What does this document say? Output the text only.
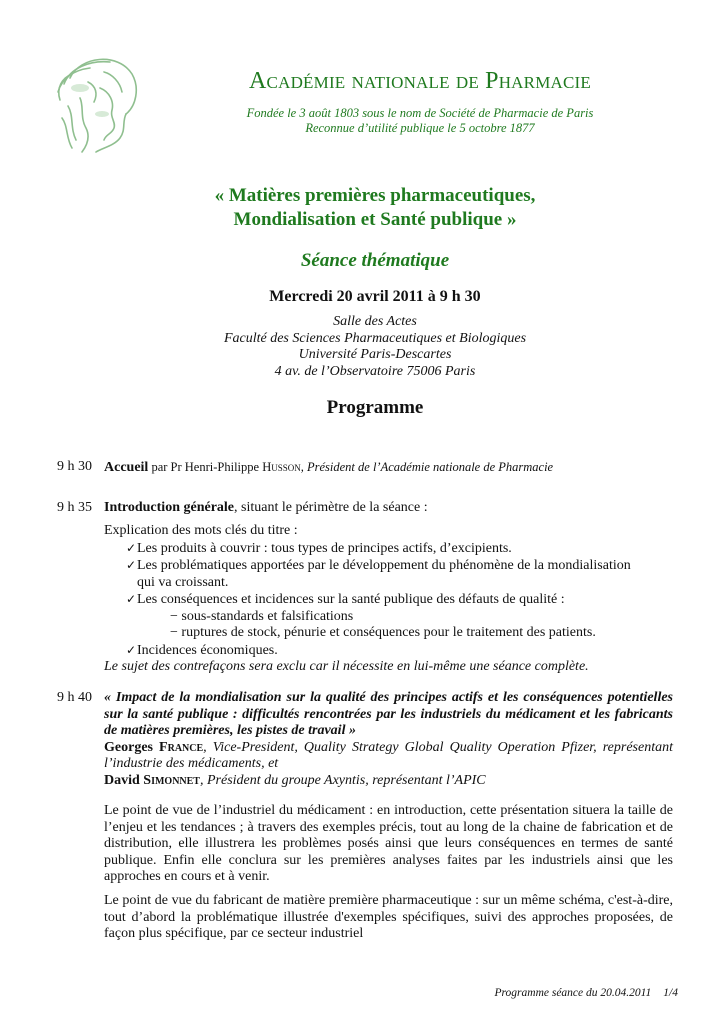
Académie nationale de Pharmacie
Fondée le 3 août 1803 sous le nom de Société de Pharmacie de Paris
Reconnue d’utilité publique le 5 octobre 1877
« Matières premières pharmaceutiques,
Mondialisation et Santé publique »
Séance thématique
Mercredi 20 avril 2011 à 9 h 30
Salle des Actes
Faculté des Sciences Pharmaceutiques et Biologiques
Université Paris-Descartes
4 av. de l’Observatoire 75006 Paris
Programme
9 h 30 Accueil par Pr Henri-Philippe Husson, Président de l’Académie nationale de Pharmacie
9 h 35 Introduction générale, situant le périmètre de la séance :
Explication des mots clés du titre :
✓Les produits à couvrir : tous types de principes actifs, d’excipients.
✓Les problématiques apportées par le développement du phénomène de la mondialisation
qui va croissant.
✓Les conséquences et incidences sur la santé publique des défauts de qualité :
− sous-standards et falsifications
− ruptures de stock, pénurie et conséquences pour le traitement des patients.
✓Incidences économiques.
Le sujet des contrefaçons sera exclu car il nécessite en lui-même une séance complète.
9 h 40 « Impact de la mondialisation sur la qualité des principes actifs et les conséquences potentielles sur la santé publique : difficultés rencontrées par les industriels du médicament et les fabricants de matières premières, les pistes de travail »
Georges France, Vice-President, Quality Strategy Global Quality Operation Pfizer, représentant l’industrie des médicaments, et
David Simonnet, Président du groupe Axyntis, représentant l’APIC
Le point de vue de l’industriel du médicament : en introduction, cette présentation situera la taille de l’enjeu et les tendances ; à travers des exemples précis, tout au long de la chaine de fabrication et de distribution, elle illustrera les problèmes posés ainsi que leurs conséquences en termes de santé publique. Enfin elle conclura sur les premières analyses faites par les industriels ainsi que les approches en cours et à venir.
Le point de vue du fabricant de matière première pharmaceutique : sur un même schéma, c'est-à-dire, tout d’abord la problématique illustrée d'exemples spécifiques, suivi des approches proposées, de façon plus spécifique, par ce secteur industriel
Programme séance du 20.04.2011 1/4
